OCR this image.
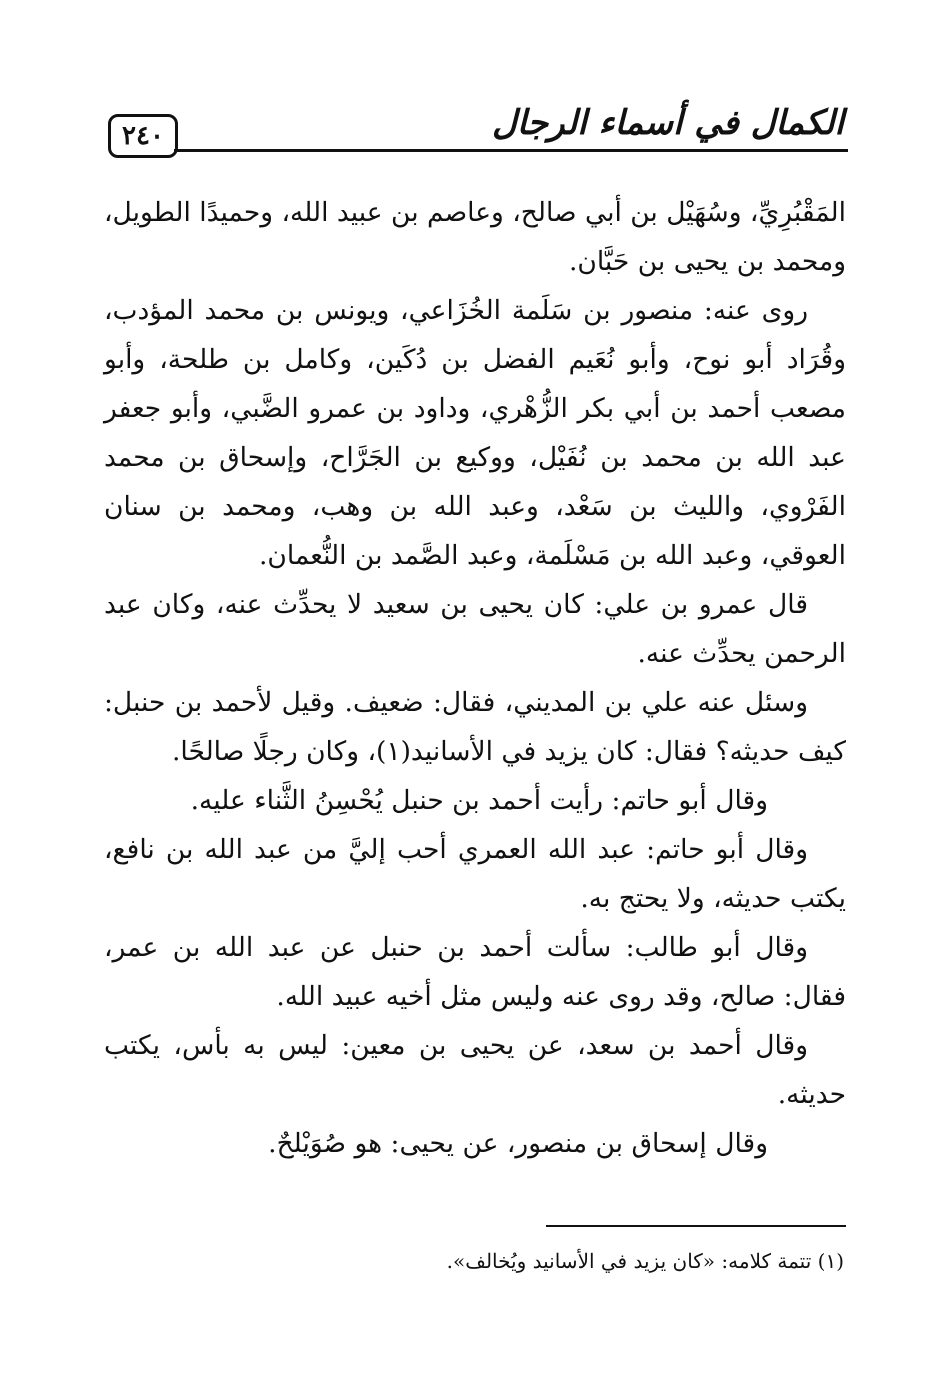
٢٤٠	الكمال في أسماء الرجال

المَقْبُرِيِّ، وسُهَيْل بن أبي صالح، وعاصم بن عبيد الله، وحميدًا الطويل، ومحمد بن يحيى بن حَبَّان.

روى عنه: منصور بن سَلَمة الخُزَاعي، ويونس بن محمد المؤدب، وقُرَاد أبو نوح، وأبو نُعَيم الفضل بن دُكَين، وكامل بن طلحة، وأبو مصعب أحمد بن أبي بكر الزُّهْري، وداود بن عمرو الضَّبي، وأبو جعفر عبد الله بن محمد بن نُفَيْل، ووكيع بن الجَرَّاح، وإسحاق بن محمد الفَرْوي، والليث بن سَعْد، وعبد الله بن وهب، ومحمد بن سنان العوقي، وعبد الله بن مَسْلَمة، وعبد الصَّمد بن النُّعمان.

قال عمرو بن علي: كان يحيى بن سعيد لا يحدِّث عنه، وكان عبد الرحمن يحدِّث عنه.

وسئل عنه علي بن المديني، فقال: ضعيف. وقيل لأحمد بن حنبل: كيف حديثه؟ فقال: كان يزيد في الأسانيد(١)، وكان رجلًا صالحًا.

وقال أبو حاتم: رأيت أحمد بن حنبل يُحْسِنُ الثَّناء عليه.

وقال أبو حاتم: عبد الله العمري أحب إليَّ من عبد الله بن نافع، يكتب حديثه، ولا يحتج به.

وقال أبو طالب: سألت أحمد بن حنبل عن عبد الله بن عمر، فقال: صالح، وقد روى عنه وليس مثل أخيه عبيد الله.

وقال أحمد بن سعد، عن يحيى بن معين: ليس به بأس، يكتب حديثه.

وقال إسحاق بن منصور، عن يحيى: هو صُوَيْلحٌ.

(١) تتمة كلامه: «كان يزيد في الأسانيد ويُخالف».
